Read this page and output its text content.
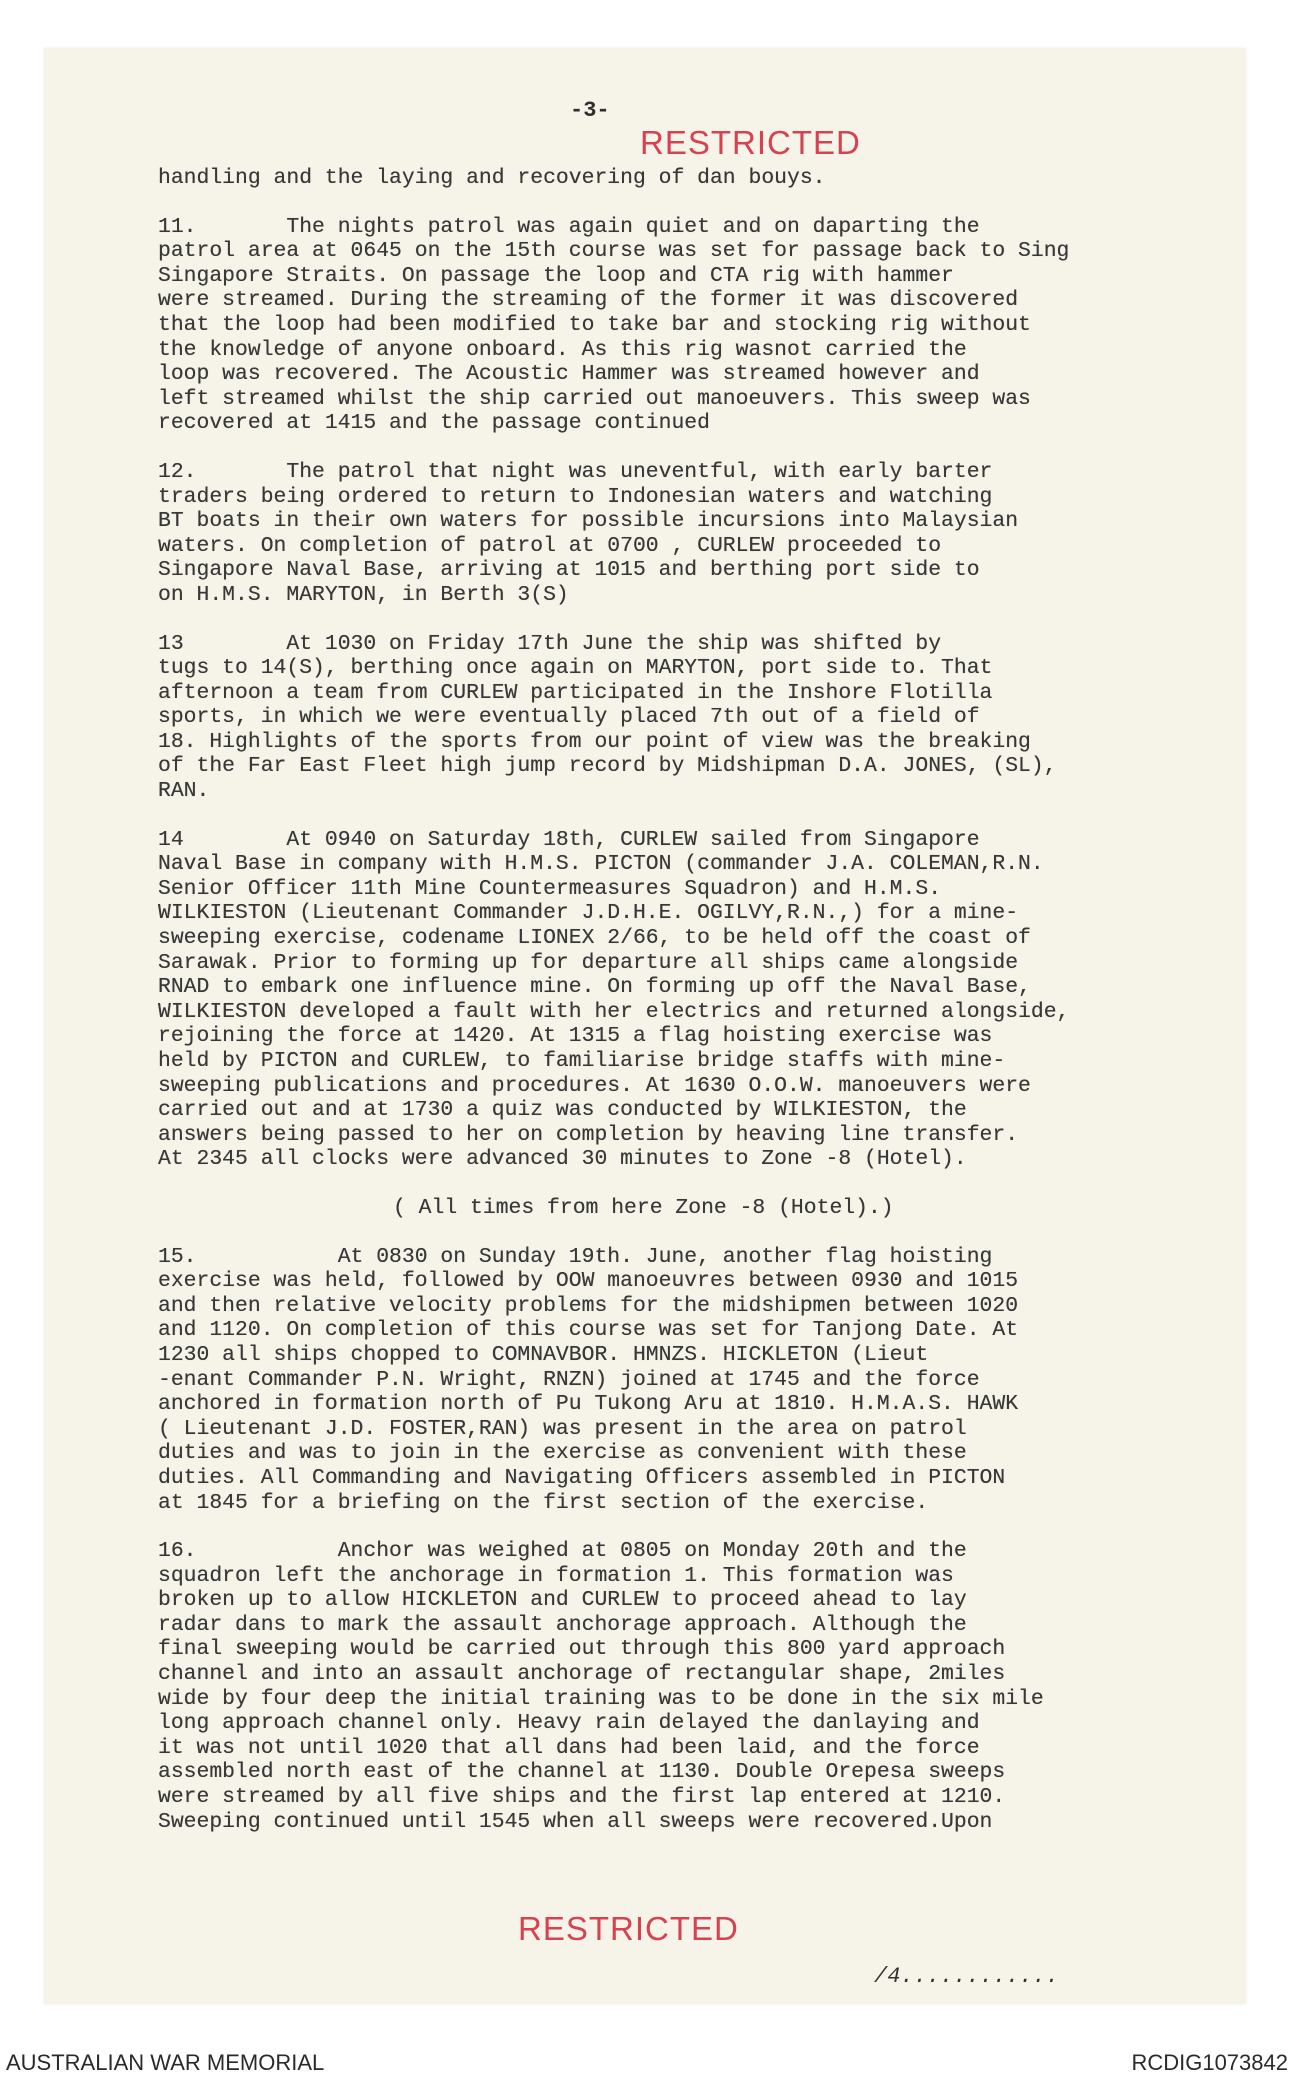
-3-
RESTRICTED
handling and the laying and recovering of dan bouys.
11.       The nights patrol was again quiet and on daparting the
patrol area at 0645 on the 15th course was set for passage back to Sing
Singapore Straits. On passage the loop and CTA rig with hammer
were streamed. During the streaming of the former it was discovered
that the loop had been modified to take bar and stocking rig without
the knowledge of anyone onboard. As this rig wasnot carried the
loop was recovered. The Acoustic Hammer was streamed however and
left streamed whilst the ship carried out manoeuvers. This sweep was
recovered at 1415 and the passage continued
12.       The patrol that night was uneventful, with early barter
traders being ordered to return to Indonesian waters and watching
BT boats in their own waters for possible incursions into Malaysian
waters. On completion of patrol at 0700 , CURLEW proceeded to
Singapore Naval Base, arriving at 1015 and berthing port side to
on H.M.S. MARYTON, in Berth 3(S)
13        At 1030 on Friday 17th June the ship was shifted by
tugs to 14(S), berthing once again on MARYTON, port side to. That
afternoon a team from CURLEW participated in the Inshore Flotilla
sports, in which we were eventually placed 7th out of a field of
18. Highlights of the sports from our point of view was the breaking
of the Far East Fleet high jump record by Midshipman D.A. JONES, (SL),
RAN.
14        At 0940 on Saturday 18th, CURLEW sailed from Singapore
Naval Base in company with H.M.S. PICTON (commander J.A. COLEMAN,R.N.
Senior Officer 11th Mine Countermeasures Squadron) and H.M.S.
WILKIESTON (Lieutenant Commander J.D.H.E. OGILVY,R.N.,) for a mine-
sweeping exercise, codename LIONEX 2/66, to be held off the coast of
Sarawak. Prior to forming up for departure all ships came alongside
RNAD to embark one influence mine. On forming up off the Naval Base,
WILKIESTON developed a fault with her electrics and returned alongside,
rejoining the force at 1420. At 1315 a flag hoisting exercise was
held by PICTON and CURLEW, to familiarise bridge staffs with mine-
sweeping publications and procedures. At 1630 O.O.W. manoeuvers were
carried out and at 1730 a quiz was conducted by WILKIESTON, the
answers being passed to her on completion by heaving line transfer.
At 2345 all clocks were advanced 30 minutes to Zone -8 (Hotel).
( All times from here Zone -8 (Hotel).)
15.           At 0830 on Sunday 19th. June, another flag hoisting
exercise was held, followed by OOW manoeuvres between 0930 and 1015
and then relative velocity problems for the midshipmen between 1020
and 1120. On completion of this course was set for Tanjong Date. At
1230 all ships chopped to COMNAVBOR. HMNZS. HICKLETON (Lieut
-enant Commander P.N. Wright, RNZN) joined at 1745 and the force
anchored in formation north of Pu Tukong Aru at 1810. H.M.A.S. HAWK
( Lieutenant J.D. FOSTER,RAN) was present in the area on patrol
duties and was to join in the exercise as convenient with these
duties. All Commanding and Navigating Officers assembled in PICTON
at 1845 for a briefing on the first section of the exercise.
16.           Anchor was weighed at 0805 on Monday 20th and the
squadron left the anchorage in formation 1. This formation was
broken up to allow HICKLETON and CURLEW to proceed ahead to lay
radar dans to mark the assault anchorage approach. Although the
final sweeping would be carried out through this 800 yard approach
channel and into an assault anchorage of rectangular shape, 2miles
wide by four deep the initial training was to be done in the six mile
long approach channel only. Heavy rain delayed the danlaying and
it was not until 1020 that all dans had been laid, and the force
assembled north east of the channel at 1130. Double Orepesa sweeps
were streamed by all five ships and the first lap entered at 1210.
Sweeping continued until 1545 when all sweeps were recovered.Upon
RESTRICTED
/4............
AUSTRALIAN WAR MEMORIAL	RCDIG1073842
